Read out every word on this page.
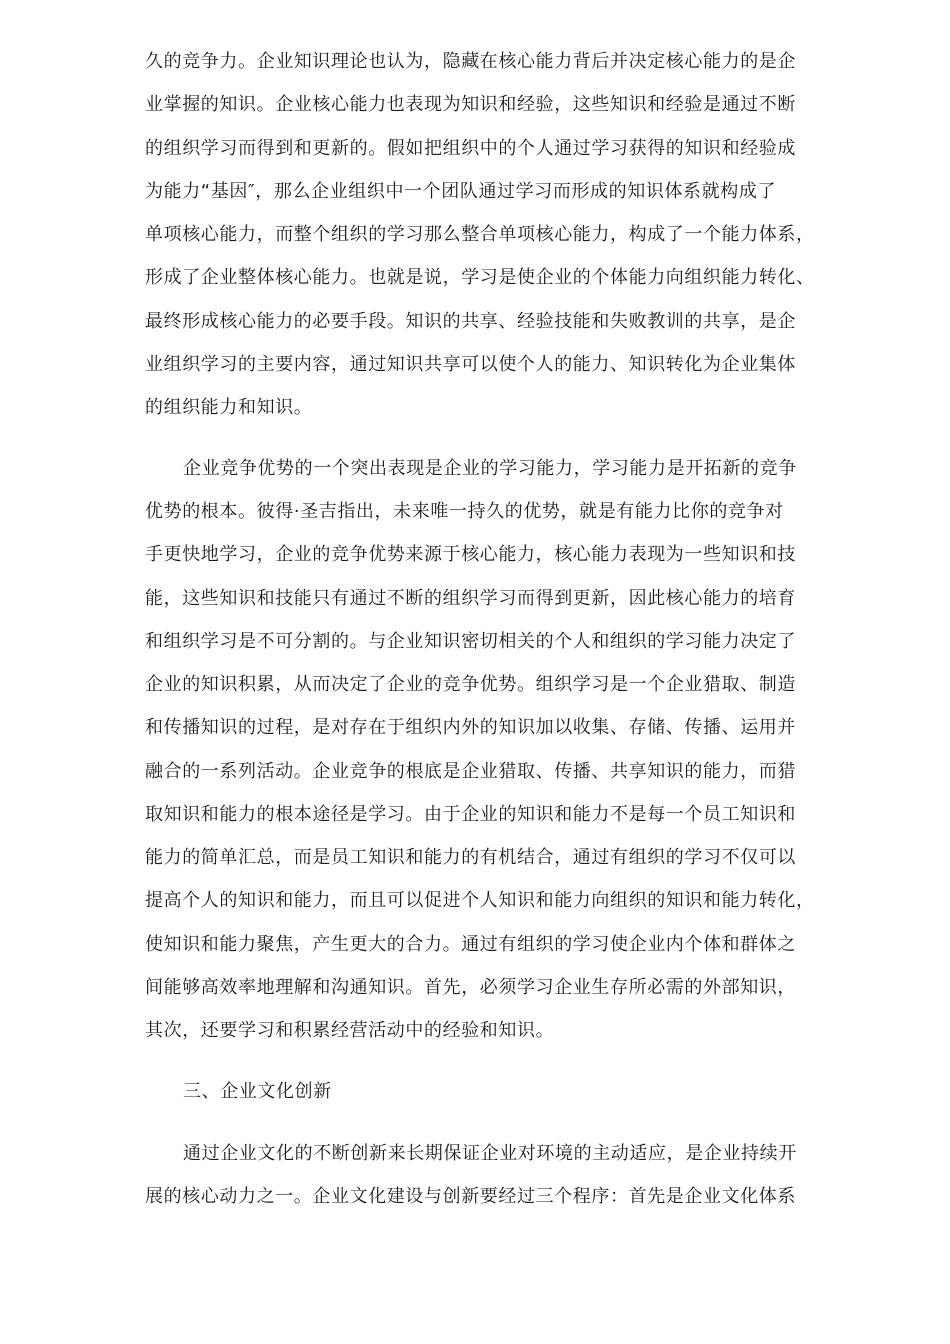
久的竞争力。企业知识理论也认为，隐藏在核心能力背后并决定核心能力的是企
业掌握的知识。企业核心能力也表现为知识和经验，这些知识和经验是通过不断
的组织学习而得到和更新的。假如把组织中的个人通过学习获得的知识和经验成
为能力“基因″，那么企业组织中一个团队通过学习而形成的知识体系就构成了
单项核心能力，而整个组织的学习那么整合单项核心能力，构成了一个能力体系，
形成了企业整体核心能力。也就是说，学习是使企业的个体能力向组织能力转化、
最终形成核心能力的必要手段。知识的共享、经验技能和失败教训的共享，是企
业组织学习的主要内容，通过知识共享可以使个人的能力、知识转化为企业集体
的组织能力和知识。
企业竞争优势的一个突出表现是企业的学习能力，学习能力是开拓新的竞争
优势的根本。彼得·圣吉指出，未来唯一持久的优势，就是有能力比你的竞争对
手更快地学习，企业的竞争优势来源于核心能力，核心能力表现为一些知识和技
能，这些知识和技能只有通过不断的组织学习而得到更新，因此核心能力的培育
和组织学习是不可分割的。与企业知识密切相关的个人和组织的学习能力决定了
企业的知识积累，从而决定了企业的竞争优势。组织学习是一个企业猎取、制造
和传播知识的过程，是对存在于组织内外的知识加以收集、存储、传播、运用并
融合的一系列活动。企业竞争的根底是企业猎取、传播、共享知识的能力，而猎
取知识和能力的根本途径是学习。由于企业的知识和能力不是每一个员工知识和
能力的简单汇总，而是员工知识和能力的有机结合，通过有组织的学习不仅可以
提高个人的知识和能力，而且可以促进个人知识和能力向组织的知识和能力转化，
使知识和能力聚焦，产生更大的合力。通过有组织的学习使企业内个体和群体之
间能够高效率地理解和沟通知识。首先，必须学习企业生存所必需的外部知识，
其次，还要学习和积累经营活动中的经验和知识。
三、企业文化创新
通过企业文化的不断创新来长期保证企业对环境的主动适应，是企业持续开
展的核心动力之一。企业文化建设与创新要经过三个程序：首先是企业文化体系
